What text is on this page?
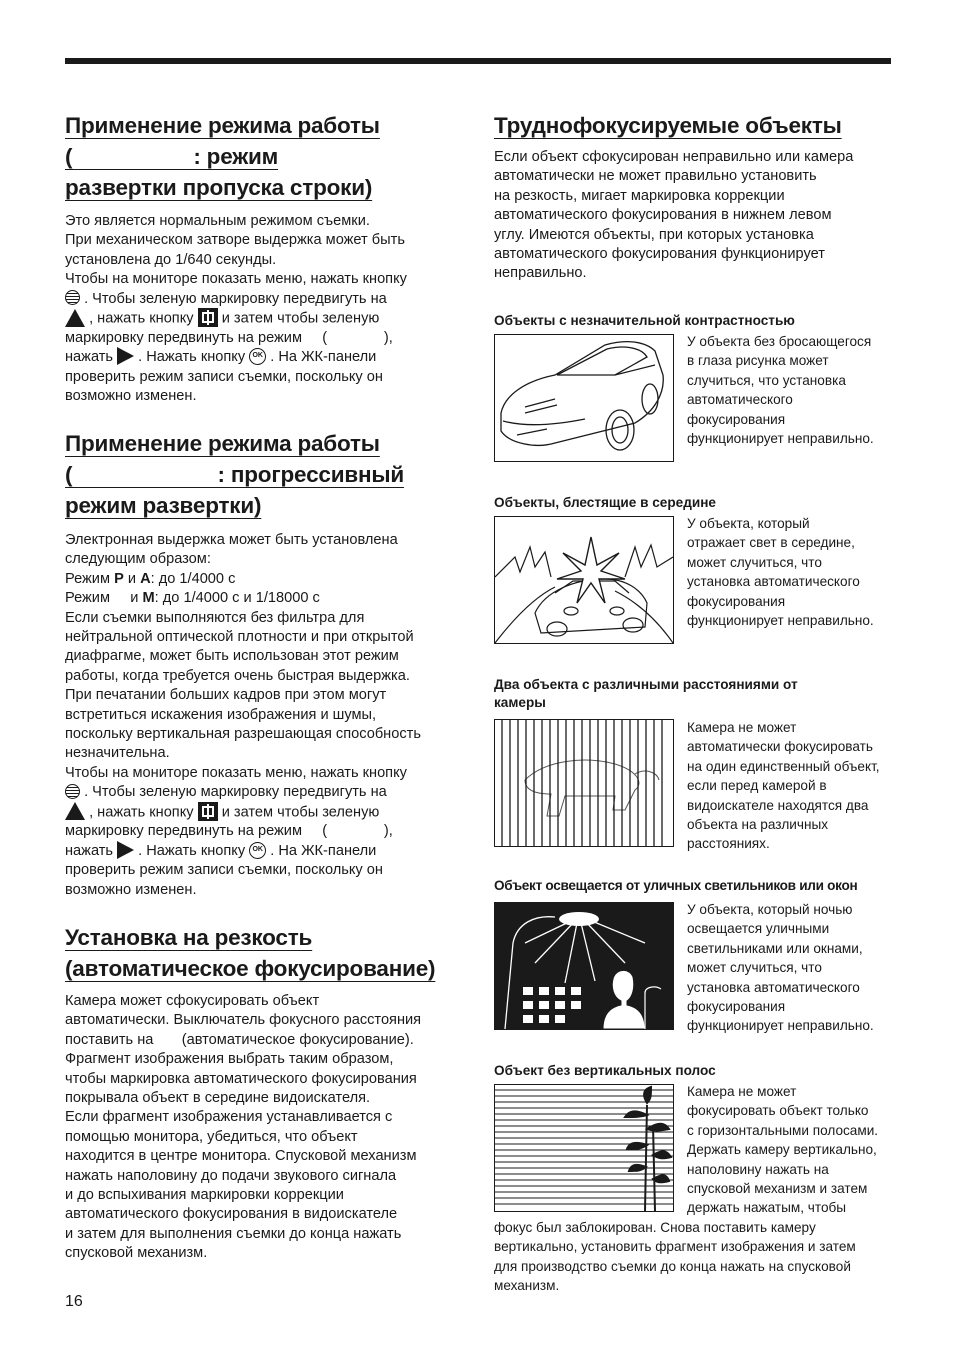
Применение режима работы
(                    : режим
развертки пропуска строки)
Это является нормальным режимом съемки.
При механическом затворе выдержка может быть
установлена до 1/640 секунды.
Чтобы на мониторе показать меню, нажать кнопку
. Чтобы зеленую маркировку передвигуть на
, нажать кнопку и затем чтобы зеленую
маркировку передвинуть на режим     (              ),
нажать . Нажать кнопку OK . На ЖК-панели
проверить режим записи съемки, поскольку он
возможно изменен.
Применение режима работы
(                        : прогрессивный
режим развертки)
Электронная выдержка может быть установлена
следующим образом:
Режим P и A: до 1/4000 с
Режим     и M: до 1/4000 с и 1/18000 с
Если съемки выполняются без фильтра для
нейтральной оптической плотности и при открытой
диафрагме, может быть использован этот режим
работы, когда требуется очень быстрая выдержка.
При печатании больших кадров при этом могут
встретиться искажения изображения и шумы,
поскольку вертикальная разрешающая способность
незначительна.
Чтобы на мониторе показать меню, нажать кнопку
. Чтобы зеленую маркировку передвигуть на
, нажать кнопку и затем чтобы зеленую
маркировку передвинуть на режим     (              ),
нажать . Нажать кнопку OK . На ЖК-панели
проверить режим записи съемки, поскольку он
возможно изменен.
Установка на резкость
(автоматическое фокусирование)
Камера может сфокусировать объект
автоматически. Выключатель фокусного расстояния
поставить на       (автоматическое фокусирование).
Фрагмент изображения выбрать таким образом,
чтобы маркировка автоматического фокусирования
покрывала объект в середине видоискателя.
Если фрагмент изображения устанавливается с
помощью монитора, убедиться, что объект
находится в центре монитора. Спусковой механизм
нажать наполовину до подачи звукового сигнала
и до вспыхивания маркировки коррекции
автоматического фокусирования в видоискателе
и затем для выполнения съемки до конца нажать
спусковой механизм.
Труднофокусируемые объекты
Если объект сфокусирован неправильно или камера
автоматически не может правильно установить
на резкость, мигает маркировка коррекции
автоматического фокусирования в нижнем левом
углу. Имеются объекты, при которых установка
автоматического фокусирования функционирует
неправильно.
Объекты с незначительной контрастностью
У объекта без бросающегося
в глаза рисунка может
случиться, что установка
автоматического
фокусирования
функционирует неправильно.
Объекты, блестящие в середине
У объекта, который
отражает свет в середине,
может случиться, что
установка автоматического
фокусирования
функционирует неправильно.
Два объекта с различными расстояниями от
камеры
Камера не может
автоматически фокусировать
на один единственный объект,
если перед камерой в
видоискателе находятся два
объекта на различных
расстояниях.
Объект освещается от уличных светильников или окон
У объекта, который ночью
освещается уличными
светильниками или окнами,
может случиться, что
установка автоматического
фокусирования
функционирует неправильно.
Объект без вертикальных полос
Камера не может
фокусировать объект только
с горизонтальными полосами.
Держать камеру вертикально,
наполовину нажать на
спусковой механизм и затем
держать нажатым, чтобы
фокус был заблокирован. Снова поставить камеру
вертикально, установить фрагмент изображения и затем
для производство съемки до конца нажать на спусковой
механизм.
16
